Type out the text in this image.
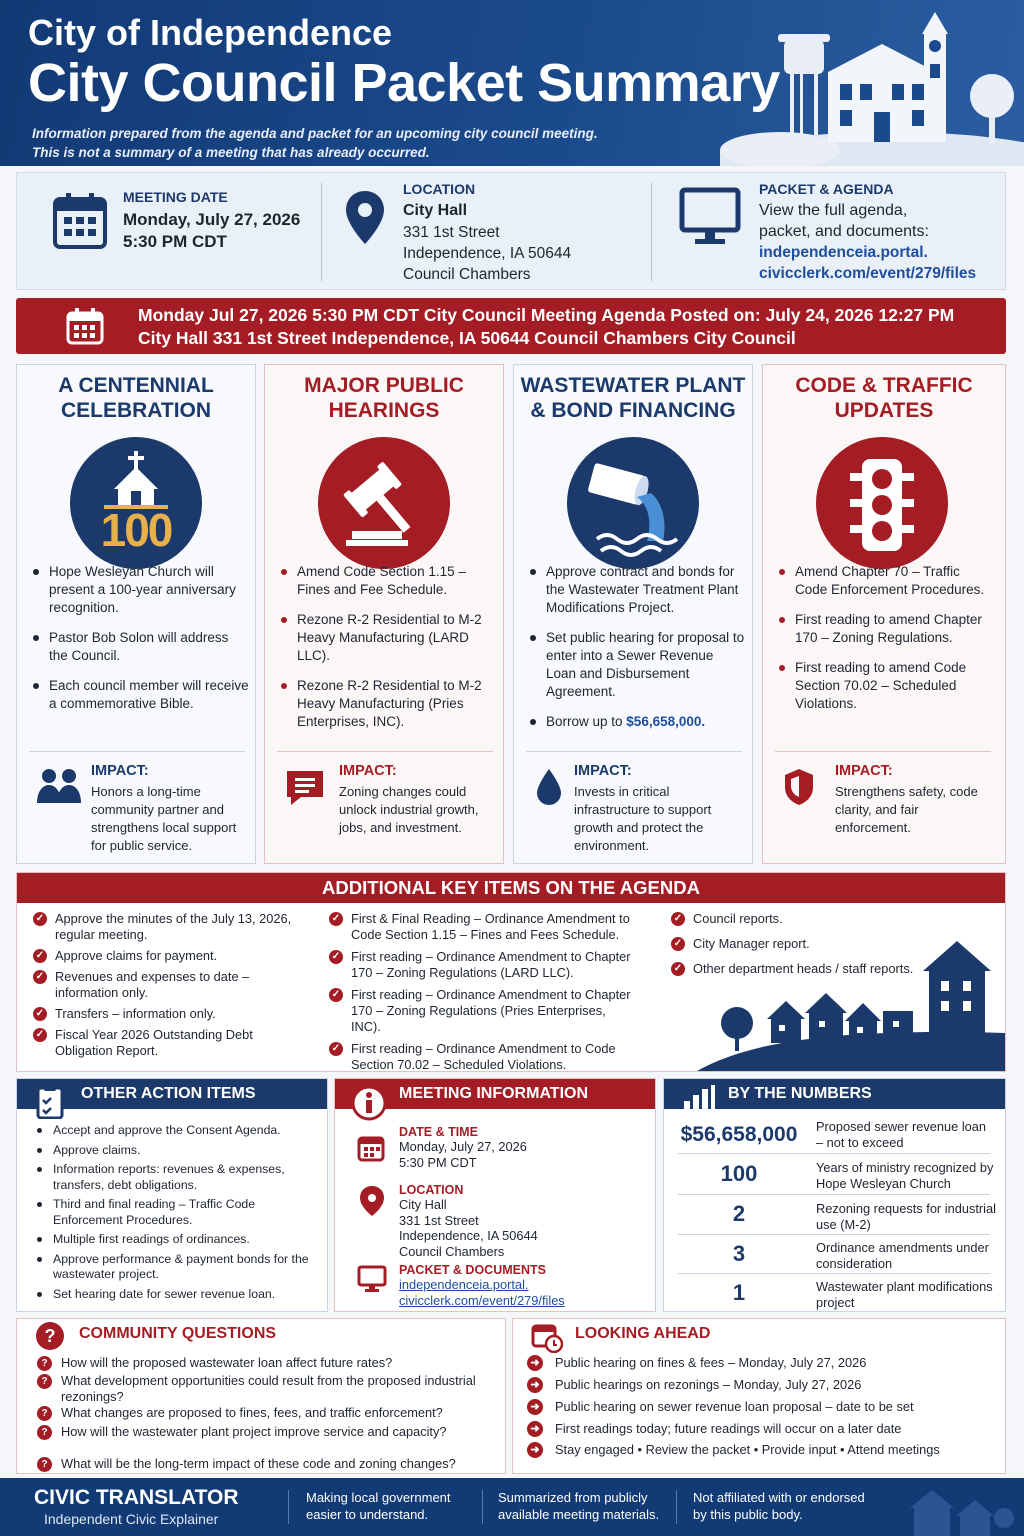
City of Independence
City Council Packet Summary
Information prepared from the agenda and packet for an upcoming city council meeting.
This is not a summary of a meeting that has already occurred.
MEETING DATE
Monday, July 27, 2026
5:30 PM CDT
LOCATION
City Hall
331 1st Street
Independence, IA 50644
Council Chambers
PACKET & AGENDA
View the full agenda,
packet, and documents:
independenceia.portal.
civicclerk.com/event/279/files
Monday Jul 27, 2026 5:30 PM CDT City Council Meeting Agenda Posted on: July 24, 2026 12:27 PM
City Hall 331 1st Street Independence, IA 50644 Council Chambers City Council
A CENTENNIAL
CELEBRATION
100
Hope Wesleyan Church will present a 100-year anniversary recognition.
Pastor Bob Solon will address the Council.
Each council member will receive a commemorative Bible.
IMPACT:
Honors a long-time community partner and strengthens local support for public service.
MAJOR PUBLIC
HEARINGS
Amend Code Section 1.15 – Fines and Fee Schedule.
Rezone R-2 Residential to M-2 Heavy Manufacturing (LARD LLC).
Rezone R-2 Residential to M-2 Heavy Manufacturing (Pries Enterprises, INC).
IMPACT:
Zoning changes could unlock industrial growth, jobs, and investment.
WASTEWATER PLANT
& BOND FINANCING
Approve contract and bonds for the Wastewater Treatment Plant Modifications Project.
Set public hearing for proposal to enter into a Sewer Revenue Loan and Disbursement Agreement.
Borrow up to $56,658,000.
IMPACT:
Invests in critical infrastructure to support growth and protect the environment.
CODE & TRAFFIC
UPDATES
Amend Chapter 70 – Traffic Code Enforcement Procedures.
First reading to amend Chapter 170 – Zoning Regulations.
First reading to amend Code Section 70.02 – Scheduled Violations.
IMPACT:
Strengthens safety, code clarity, and fair enforcement.
ADDITIONAL KEY ITEMS ON THE AGENDA
✓ Approve the minutes of the July 13, 2026, regular meeting.
✓ Approve claims for payment.
✓ Revenues and expenses to date – information only.
✓ Transfers – information only.
✓ Fiscal Year 2026 Outstanding Debt Obligation Report.
✓ First & Final Reading – Ordinance Amendment to Code Section 1.15 – Fines and Fees Schedule.
✓ First reading – Ordinance Amendment to Chapter 170 – Zoning Regulations (LARD LLC).
✓ First reading – Ordinance Amendment to Chapter 170 – Zoning Regulations (Pries Enterprises, INC).
✓ First reading – Ordinance Amendment to Code Section 70.02 – Scheduled Violations.
✓ Council reports.
✓ City Manager report.
✓ Other department heads / staff reports.
OTHER ACTION ITEMS
Accept and approve the Consent Agenda.
Approve claims.
Information reports: revenues & expenses, transfers, debt obligations.
Third and final reading – Traffic Code Enforcement Procedures.
Multiple first readings of ordinances.
Approve performance & payment bonds for the wastewater project.
Set hearing date for sewer revenue loan.
MEETING INFORMATION
DATE & TIME
Monday, July 27, 2026
5:30 PM CDT
LOCATION
City Hall
331 1st Street
Independence, IA 50644
Council Chambers
PACKET & DOCUMENTS
independenceia.portal.
civicclerk.com/event/279/files
BY THE NUMBERS
$56,658,000	Proposed sewer revenue loan – not to exceed
100	Years of ministry recognized by Hope Wesleyan Church
2	Rezoning requests for industrial use (M-2)
3	Ordinance amendments under consideration
1	Wastewater plant modifications project
? COMMUNITY QUESTIONS
?	How will the proposed wastewater loan affect future rates?
?	What development opportunities could result from the proposed industrial rezonings?
?	What changes are proposed to fines, fees, and traffic enforcement?
?	How will the wastewater plant project improve service and capacity?
?	What will be the long-term impact of these code and zoning changes?
LOOKING AHEAD
➜ Public hearing on fines & fees – Monday, July 27, 2026
➜ Public hearings on rezonings – Monday, July 27, 2026
➜ Public hearing on sewer revenue loan proposal – date to be set
➜ First readings today; future readings will occur on a later date
➜ Stay engaged • Review the packet • Provide input • Attend meetings
CIVIC TRANSLATOR
Independent Civic Explainer
Making local government easier to understand.
Summarized from publicly available meeting materials.
Not affiliated with or endorsed by this public body.
